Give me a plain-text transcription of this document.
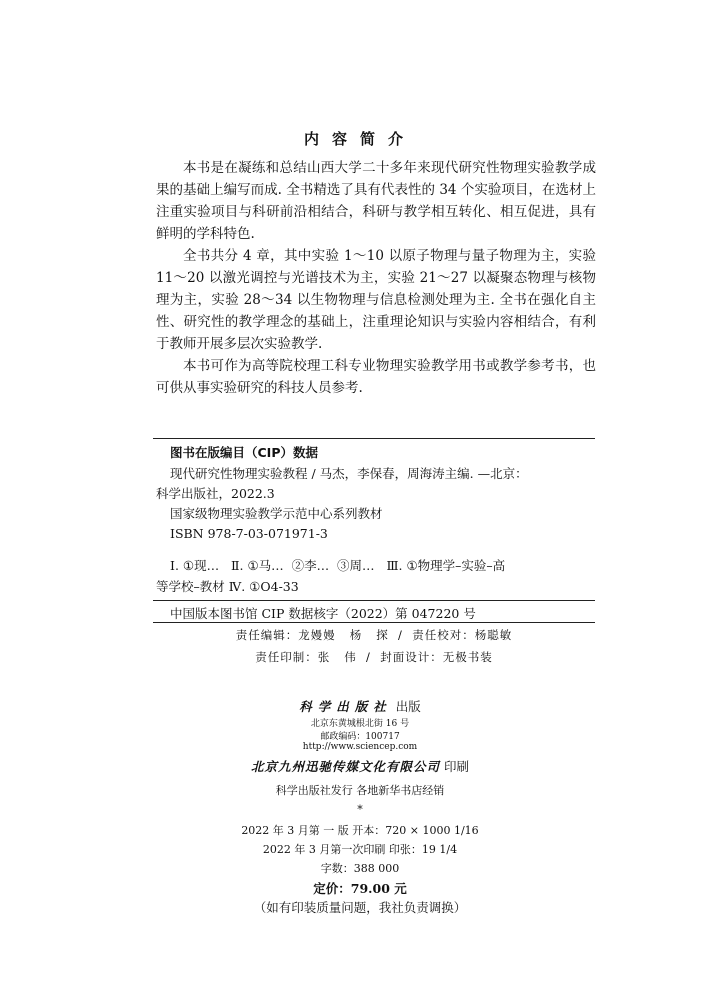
内容简介

本书是在凝练和总结山西大学二十多年来现代研究性物理实验教学成果的基础上编写而成. 全书精选了具有代表性的 34 个实验项目，在选材上注重实验项目与科研前沿相结合，科研与教学相互转化、相互促进，具有鲜明的学科特色.

全书共分 4 章，其中实验 1～10 以原子物理与量子物理为主，实验 11～20 以激光调控与光谱技术为主，实验 21～27 以凝聚态物理与核物理为主，实验 28～34 以生物物理与信息检测处理为主. 全书在强化自主性、研究性的教学理念的基础上，注重理论知识与实验内容相结合，有利于教师开展多层次实验教学.

本书可作为高等院校理工科专业物理实验教学用书或教学参考书，也可供从事实验研究的科技人员参考.

图书在版编目（CIP）数据
现代研究性物理实验教程 / 马杰，李保春，周海涛主编. —北京：
科学出版社，2022.3
国家级物理实验教学示范中心系列教材
ISBN 978-7-03-071971-3
Ⅰ. ①现…   Ⅱ. ①马…  ②李…  ③周…   Ⅲ. ①物理学–实验–高
等学校–教材 Ⅳ. ①O4-33
中国版本图书馆 CIP 数据核字（2022）第 047220 号
责任编辑：龙嫚嫚   杨   探  /  责任校对：杨聪敏
责任印制：张   伟  /  封面设计：无极书装
科学出版社 出版
北京东黄城根北街 16 号
邮政编码：100717
http://www.sciencep.com
北京九州迅驰传媒文化有限公司 印刷
科学出版社发行 各地新华书店经销
*
2022 年 3 月第 一 版 开本：720 × 1000 1/16
2022 年 3 月第一次印刷 印张：19 1/4
字数：388 000
定价：79.00 元
（如有印装质量问题，我社负责调换）
